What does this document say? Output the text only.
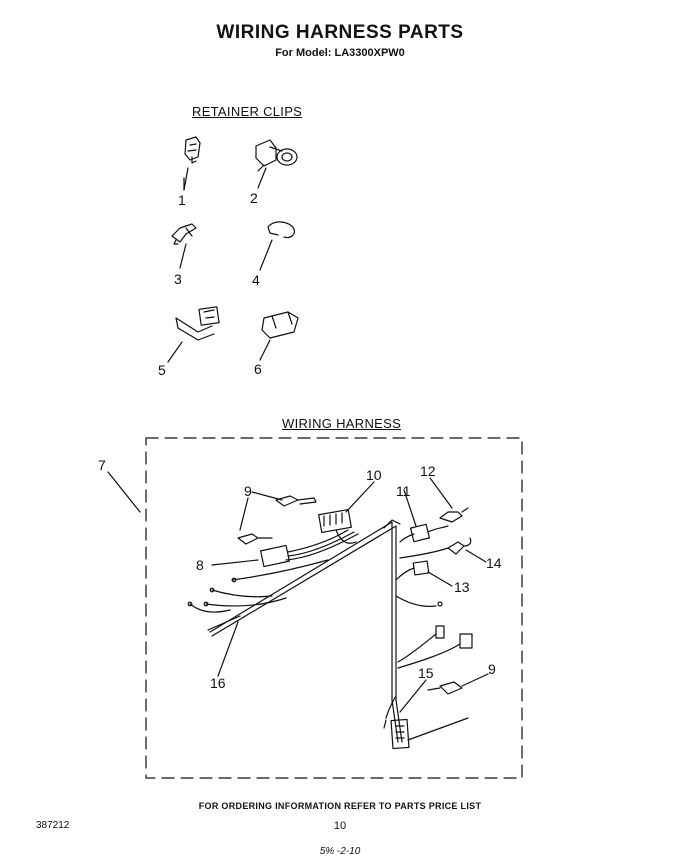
WIRING HARNESS PARTS
For Model: LA3300XPW0
RETAINER CLIPS
WIRING HARNESS
1	2
3	4
5	6
7
8
9
10
11
12
13
14
15
16
9
FOR ORDERING INFORMATION REFER TO PARTS PRICE LIST
387212	10
5% -2-10
